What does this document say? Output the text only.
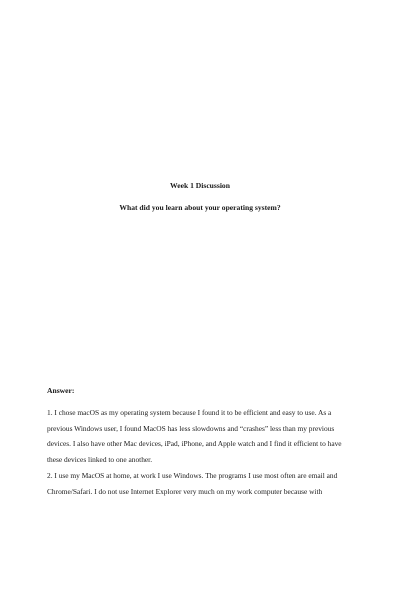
Week 1 Discussion

What did you learn about your operating system?

Answer:

1. I chose macOS as my operating system because I found it to be efficient and easy to use. As a previous Windows user, I found MacOS has less slowdowns and “crashes” less than my previous devices. I also have other Mac devices, iPad, iPhone, and Apple watch and I find it efficient to have these devices linked to one another.

2. I use my MacOS at home, at work I use Windows. The programs I use most often are email and Chrome/Safari. I do not use Internet Explorer very much on my work computer because with
